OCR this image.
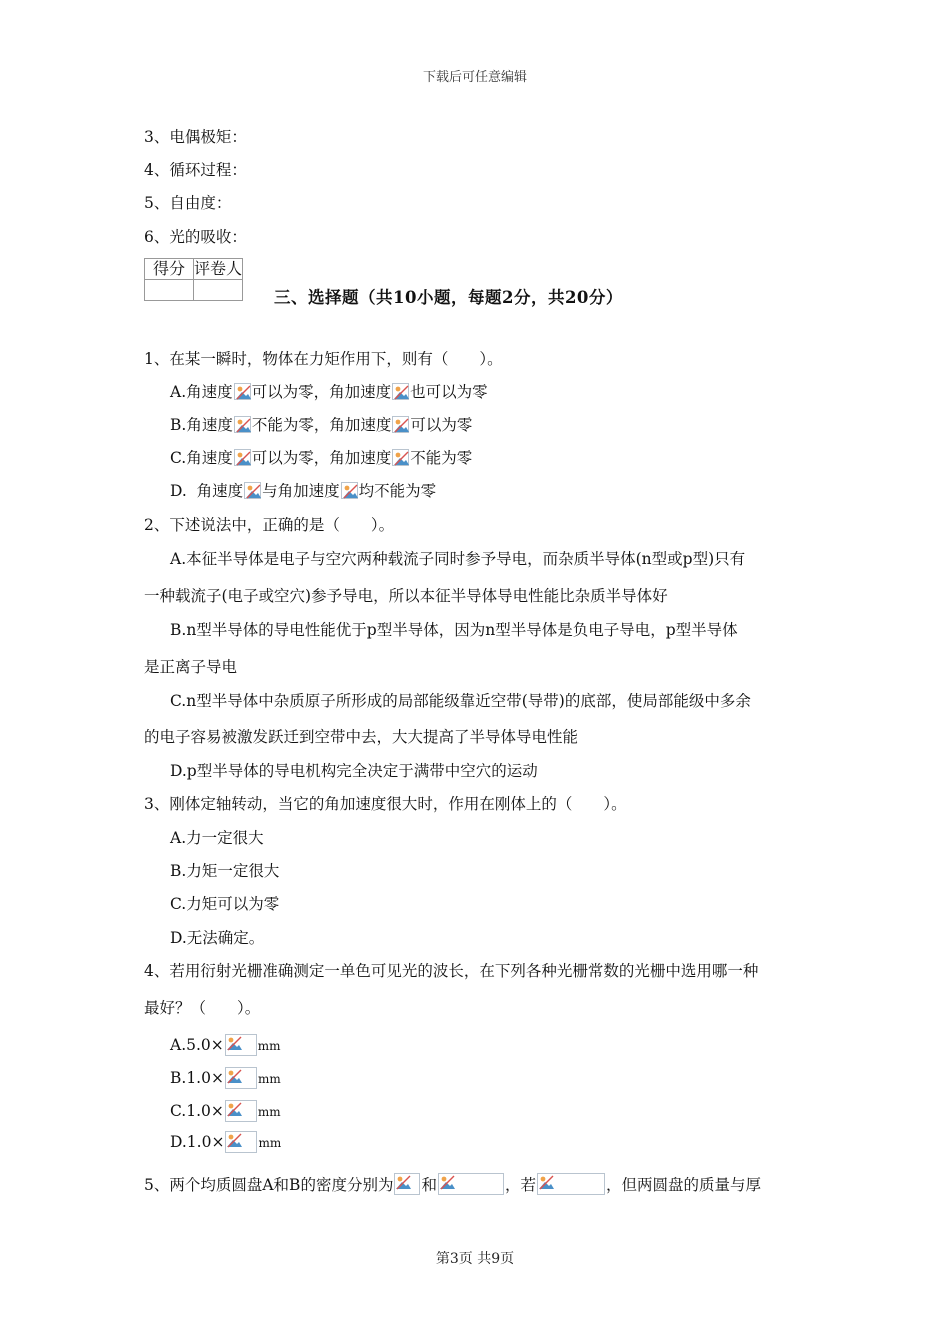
下载后可任意编辑
3、电偶极矩：
4、循环过程：
5、自由度：
6、光的吸收：
得分	评卷人

三、选择题（共10小题，每题2分，共20分）
1、在某一瞬时，物体在力矩作用下，则有（　　）。
A.角速度 可以为零，角加速度 也可以为零
B.角速度 不能为零，角加速度 可以为零
C.角速度 可以为零，角加速度 不能为零
D.  角速度 与角加速度 均不能为零
2、下述说法中，正确的是（　　）。
A.本征半导体是电子与空穴两种载流子同时参予导电，而杂质半导体(n型或p型)只有
一种载流子(电子或空穴)参予导电，所以本征半导体导电性能比杂质半导体好
B.n型半导体的导电性能优于p型半导体，因为n型半导体是负电子导电，p型半导体
是正离子导电
C.n型半导体中杂质原子所形成的局部能级靠近空带(导带)的底部，使局部能级中多余
的电子容易被激发跃迁到空带中去，大大提高了半导体导电性能
D.p型半导体的导电机构完全决定于满带中空穴的运动
3、刚体定轴转动，当它的角加速度很大时，作用在刚体上的（　　）。
A.力一定很大
B.力矩一定很大
C.力矩可以为零
D.无法确定。
4、若用衍射光栅准确测定一单色可见光的波长，在下列各种光栅常数的光栅中选用哪一种
最好？（　　）。
A.5.0×	mm
B.1.0×	mm
C.1.0×	mm
D.1.0×	mm
5、两个均质圆盘A和B的密度分别为 和	，若	，但两圆盘的质量与厚
第3页 共9页
